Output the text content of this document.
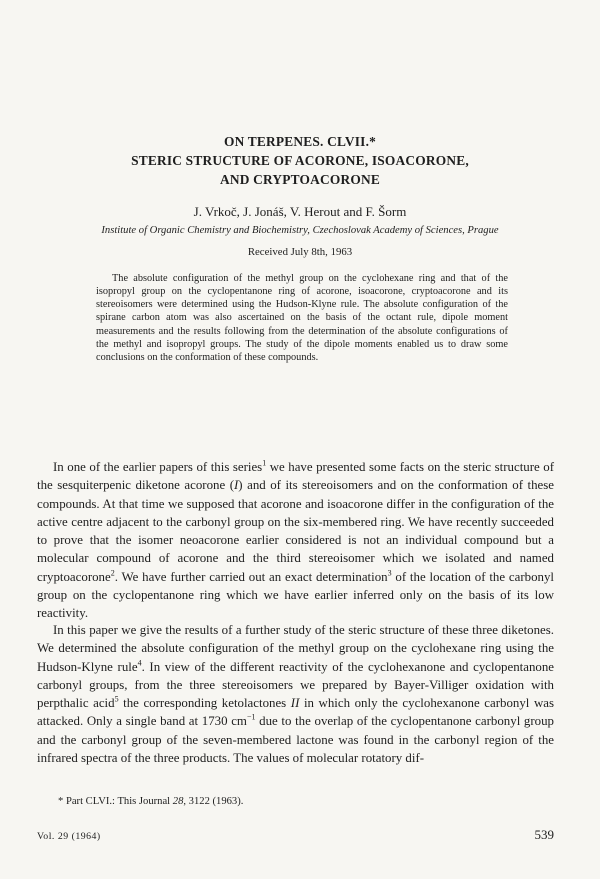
ON TERPENES. CLVII.*
STERIC STRUCTURE OF ACORONE, ISOACORONE,
AND CRYPTOACORONE
J. Vrkoč, J. Jonáš, V. Herout and F. Šorm
Institute of Organic Chemistry and Biochemistry, Czechoslovak Academy of Sciences, Prague
Received July 8th, 1963
The absolute configuration of the methyl group on the cyclohexane ring and that of the isopropyl group on the cyclopentanone ring of acorone, isoacorone, cryptoacorone and its stereoisomers were determined using the Hudson-Klyne rule. The absolute configuration of the spirane carbon atom was also ascertained on the basis of the octant rule, dipole moment measurements and the results following from the determination of the absolute configurations of the methyl and isopropyl groups. The study of the dipole moments enabled us to draw some conclusions on the conformation of these compounds.

In one of the earlier papers of this series$^1$ we have presented some facts on the steric structure of the sesquiterpenic diketone acorone (I) and of its stereoisomers and on the conformation of these compounds. At that time we supposed that acorone and isoacorone differ in the configuration of the active centre adjacent to the carbonyl group on the six-membered ring. We have recently succeeded to prove that the isomer neoacorone earlier considered is not an individual compound but a molecular compound of acorone and the third stereoisomer which we isolated and named cryptoacorone$^2$. We have further carried out an exact determination$^3$ of the location of the carbonyl group on the cyclopentanone ring which we have earlier inferred only on the basis of its low reactivity.

In this paper we give the results of a further study of the steric structure of these three diketones. We determined the absolute configuration of the methyl group on the cyclohexane ring using the Hudson-Klyne rule$^4$. In view of the different reactivity of the cyclohexanone and cyclopentanone carbonyl groups, from the three stereoisomers we prepared by Bayer-Villiger oxidation with perpthalic acid$^5$ the corresponding ketolactones II in which only the cyclohexanone carbonyl was attacked. Only a single band at 1730 $cm^{-1}$ due to the overlap of the cyclopentanone carbonyl group and the carbonyl group of the seven-membered lactone was found in the carbonyl region of the infrared spectra of the three products. The values of molecular rotatory dif-

* Part CLVI.: This Journal 28, 3122 (1963).
Vol. 29 (1964)	539
